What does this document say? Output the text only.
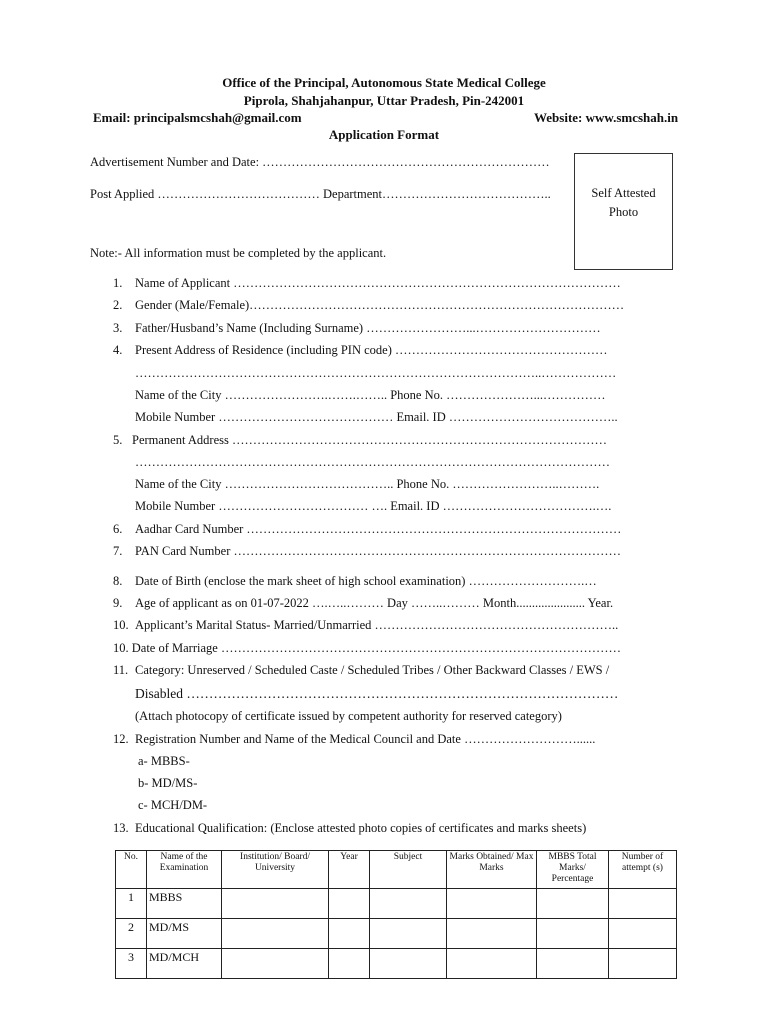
Office of the Principal, Autonomous State Medical College
Piprola, Shahjahanpur, Uttar Pradesh, Pin-242001
Email: principalsmcshah@gmail.com	Website: www.smcshah.in
Application Format
Advertisement Number and Date: ……………………………………………………………
Post Applied ………………………………… Department…………………………………..	Self Attested
Photo
Note:- All information must be completed by the applicant.
1. Name of Applicant …………………………………………………………………………………
2. Gender (Male/Female)………………………………………………………………………………
3. Father/Husband’s Name (Including Surname) ……………………...…………………………
4. Present Address of Residence (including PIN code) ……………………………………………
……………………………………………………………………………………..………………
Name of the City …………………….…….…….. Phone No. …………………...……………
Mobile Number …………………………………… Email. ID …………………………………..
5. Permanent Address ………………………………………………………………………………
……………………………………………………………………………………………………
Name of the City ………………………………….. Phone No. ……………………..……….
Mobile Number ……………………………… …. Email. ID ……………………………….….
6. Aadhar Card Number ………………………………………………………………………………
7. PAN Card Number …………………………………………………………………………………
8. Date of Birth (enclose the mark sheet of high school examination) ……………………….…
9. Age of applicant as on 01-07-2022 ….…..……… Day ……..……… Month...................... Year.
10. Applicant’s Marital Status- Married/Unmarried …………………………………………………..
10. Date of Marriage ……………………………………………………………………………………
11. Category: Unreserved / Scheduled Caste / Scheduled Tribes / Other Backward Classes / EWS /
Disabled ……………………………………………………………………………………
(Attach photocopy of certificate issued by competent authority for reserved category)
12. Registration Number and Name of the Medical Council and Date ………………………......
a- MBBS-
b- MD/MS-
c- MCH/DM-
13. Educational Qualification: (Enclose attested photo copies of certificates and marks sheets)
No.	Name of the Examination	Institution/ Board/ University	Year	Subject	Marks Obtained/ Max Marks	MBBS Total Marks/ Percentage	Number of attempt (s)
1	MBBS						
2	MD/MS						
3	MD/MCH						
